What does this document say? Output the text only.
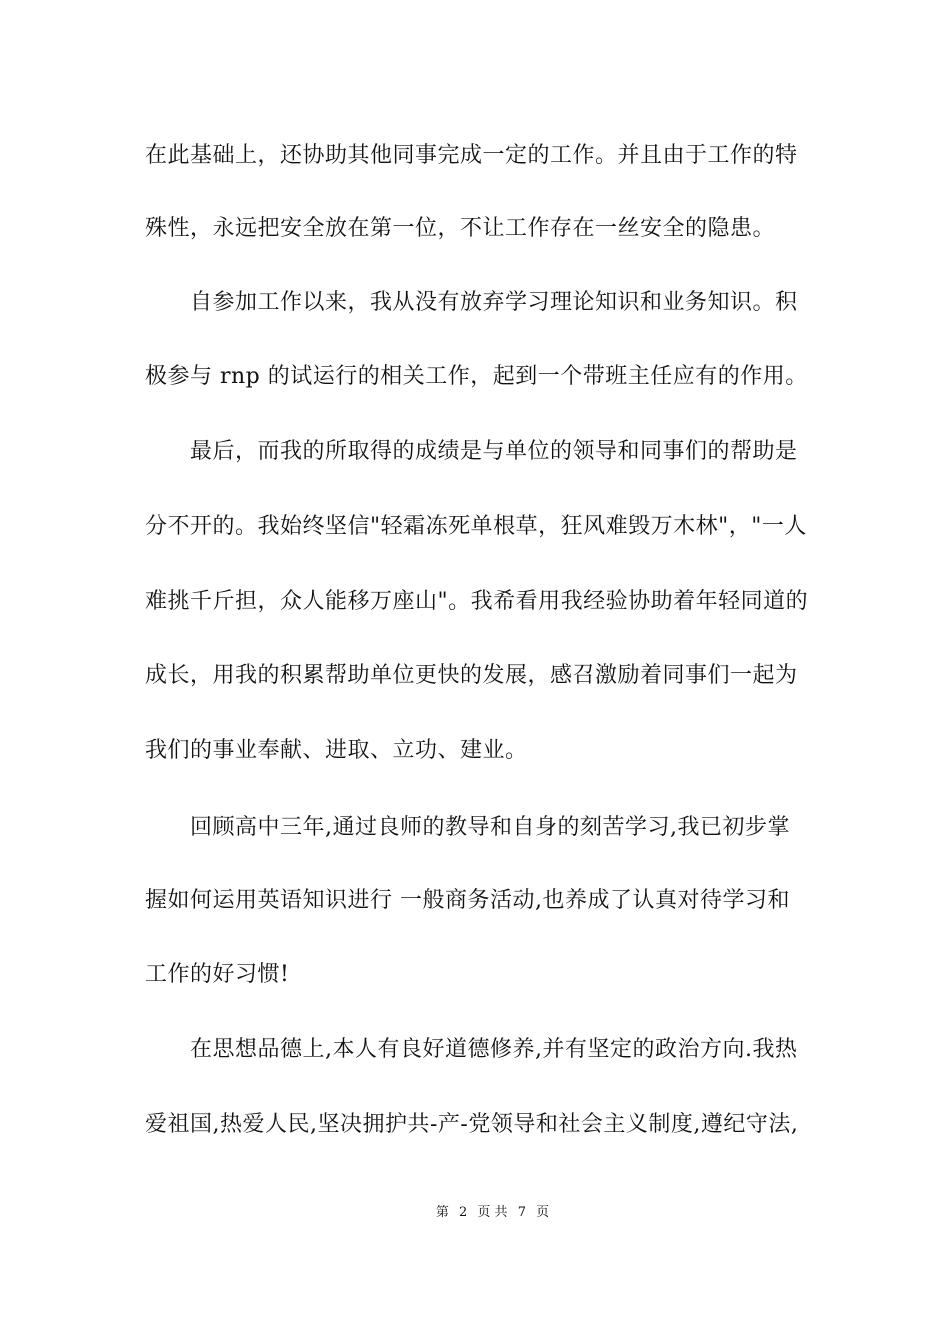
在此基础上，还协助其他同事完成一定的工作。并且由于工作的特
殊性，永远把安全放在第一位，不让工作存在一丝安全的隐患。
自参加工作以来，我从没有放弃学习理论知识和业务知识。积
极参与 rnp 的试运行的相关工作，起到一个带班主任应有的作用。
最后，而我的所取得的成绩是与单位的领导和同事们的帮助是
分不开的。我始终坚信"轻霜冻死单根草，狂风难毁万木林"，"一人
难挑千斤担，众人能移万座山"。我希看用我经验协助着年轻同道的
成长，用我的积累帮助单位更快的发展，感召激励着同事们一起为
我们的事业奉献、进取、立功、建业。
回顾高中三年,通过良师的教导和自身的刻苦学习,我已初步掌
握如何运用英语知识进行 一般商务活动,也养成了认真对待学习和
工作的好习惯!
在思想品德上,本人有良好道德修养,并有坚定的政治方向.我热
爱祖国,热爱人民,坚决拥护共-产-党领导和社会主义制度,遵纪守法,
第 2 页 共 7 页
